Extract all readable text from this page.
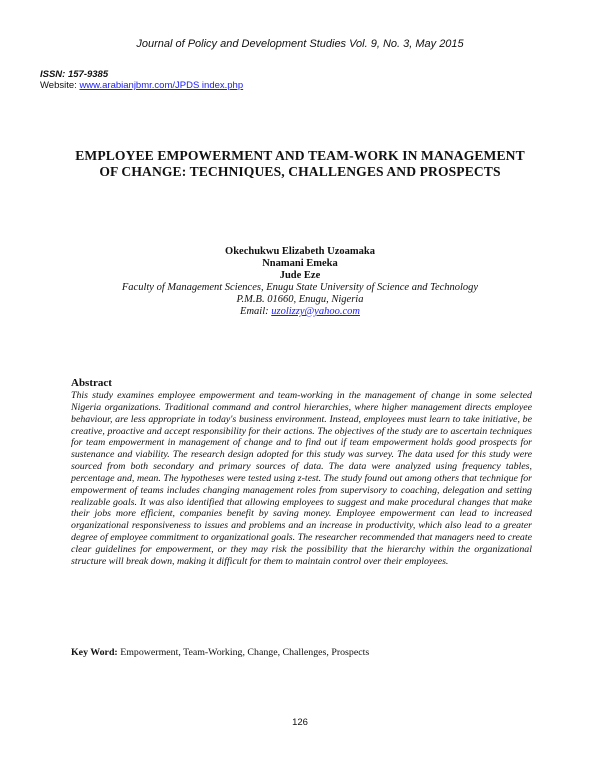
Journal of Policy and Development Studies Vol. 9, No. 3, May 2015
ISSN: 157-9385
Website: www.arabianjbmr.com/JPDS index.php
EMPLOYEE EMPOWERMENT AND TEAM-WORK IN MANAGEMENT
OF CHANGE: TECHNIQUES, CHALLENGES AND PROSPECTS
Okechukwu Elizabeth Uzoamaka
Nnamani Emeka
Jude Eze
Faculty of Management Sciences, Enugu State University of Science and Technology
P.M.B. 01660, Enugu, Nigeria
Email: uzolizzy@yahoo.com
Abstract
This study examines employee empowerment and team-working in the management of change in some selected Nigeria organizations. Traditional command and control hierarchies, where higher management directs employee behaviour, are less appropriate in today's business environment. Instead, employees must learn to take initiative, be creative, proactive and accept responsibility for their actions. The objectives of the study are to ascertain techniques for team empowerment in management of change and to find out if team empowerment holds good prospects for sustenance and viability. The research design adopted for this study was survey. The data used for this study were sourced from both secondary and primary sources of data. The data were analyzed using frequency tables, percentage and, mean. The hypotheses were tested using z-test. The study found out among others that technique for empowerment of teams includes changing management roles from supervisory to coaching, delegation and setting realizable goals. It was also identified that allowing employees to suggest and make procedural changes that make their jobs more efficient, companies benefit by saving money. Employee empowerment can lead to increased organizational responsiveness to issues and problems and an increase in productivity, which also lead to a greater degree of employee commitment to organizational goals. The researcher recommended that managers need to create clear guidelines for empowerment, or they may risk the possibility that the hierarchy within the organizational structure will break down, making it difficult for them to maintain control over their employees.
Key Word: Empowerment, Team-Working, Change, Challenges, Prospects
126
